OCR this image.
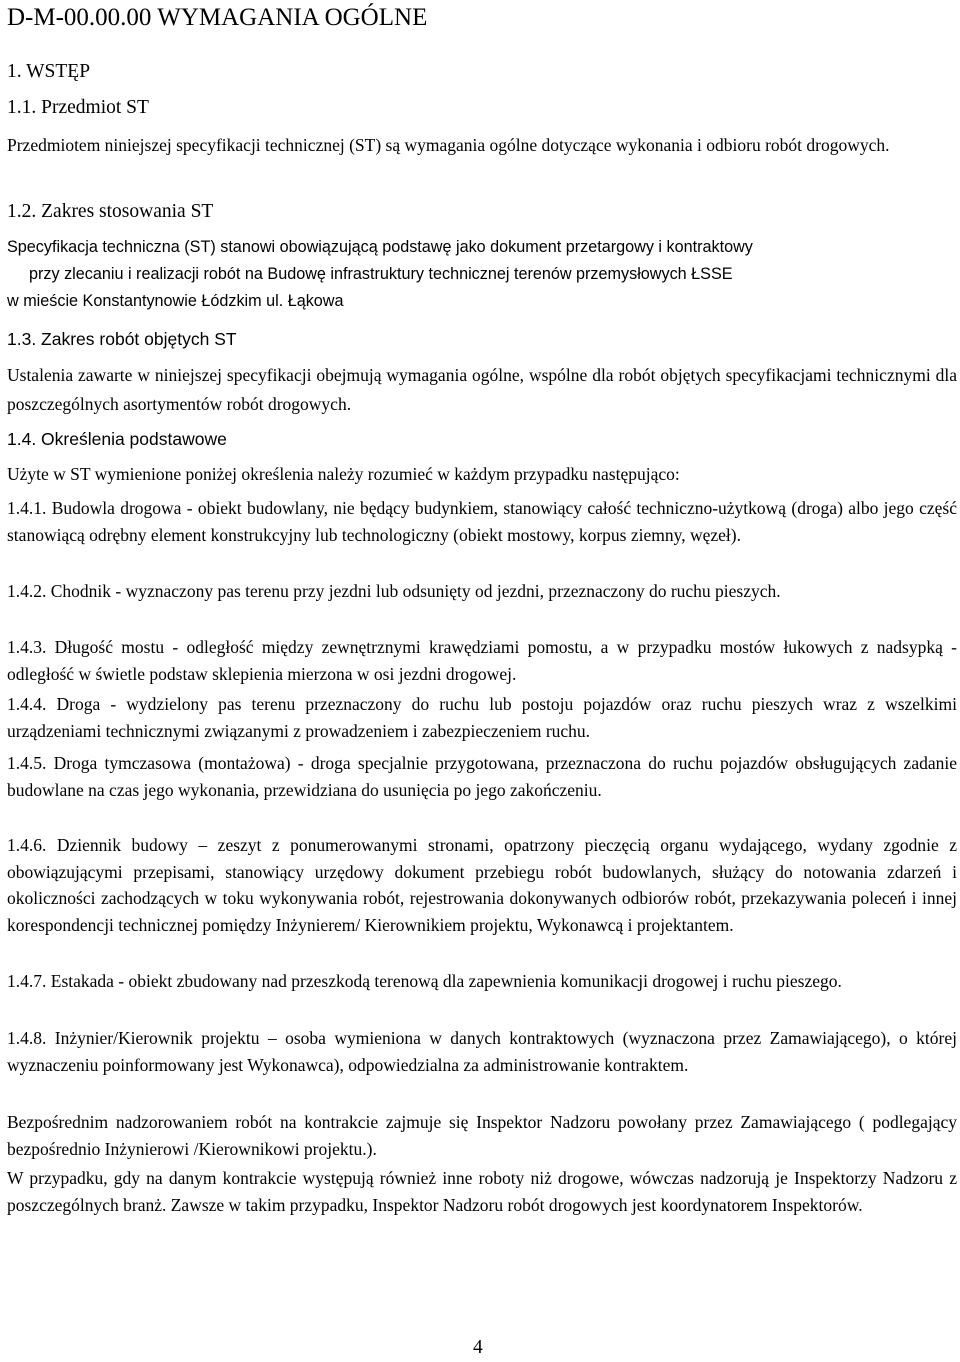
D-M-00.00.00 WYMAGANIA OGÓLNE
1. WSTĘP
1.1. Przedmiot ST

Przedmiotem niniejszej specyfikacji technicznej (ST) są wymagania ogólne dotyczące wykonania i odbioru robót drogowych.

1.2. Zakres stosowania ST
Specyfikacja techniczna (ST) stanowi obowiązującą podstawę jako dokument przetargowy i kontraktowy
przy zlecaniu i realizacji robót na Budowę infrastruktury technicznej terenów przemysłowych ŁSSE
w mieście Konstantynowie Łódzkim ul. Łąkowa
1.3. Zakres robót objętych ST

Ustalenia zawarte w niniejszej specyfikacji obejmują wymagania ogólne, wspólne dla robót objętych specyfikacjami technicznymi dla poszczególnych asortymentów robót drogowych.

1.4. Określenia podstawowe

Użyte w ST wymienione poniżej określenia należy rozumieć w każdym przypadku następująco:

1.4.1. Budowla drogowa - obiekt budowlany, nie będący budynkiem, stanowiący całość techniczno-użytkową (droga) albo jego część stanowiącą odrębny element konstrukcyjny lub technologiczny (obiekt mostowy, korpus ziemny, węzeł).

1.4.2. Chodnik - wyznaczony pas terenu przy jezdni lub odsunięty od jezdni, przeznaczony do ruchu pieszych.

1.4.3. Długość mostu - odległość między zewnętrznymi krawędziami pomostu, a w przypadku mostów łukowych z nadsypką - odległość w świetle podstaw sklepienia mierzona w osi jezdni drogowej.

1.4.4. Droga - wydzielony pas terenu przeznaczony do ruchu lub postoju pojazdów oraz ruchu pieszych wraz z wszelkimi urządzeniami technicznymi związanymi z prowadzeniem i zabezpieczeniem ruchu.

1.4.5. Droga tymczasowa (montażowa) - droga specjalnie przygotowana, przeznaczona do ruchu pojazdów obsługujących zadanie budowlane na czas jego wykonania, przewidziana do usunięcia po jego zakończeniu.

1.4.6. Dziennik budowy – zeszyt z ponumerowanymi stronami, opatrzony pieczęcią organu wydającego, wydany zgodnie z obowiązującymi przepisami, stanowiący urzędowy dokument przebiegu robót budowlanych, służący do notowania zdarzeń i okoliczności zachodzących w toku wykonywania robót, rejestrowania dokonywanych odbiorów robót, przekazywania poleceń i innej korespondencji technicznej pomiędzy Inżynierem/ Kierownikiem projektu, Wykonawcą i projektantem.

1.4.7. Estakada - obiekt zbudowany nad przeszkodą terenową dla zapewnienia komunikacji drogowej i ruchu pieszego.

1.4.8. Inżynier/Kierownik projektu – osoba wymieniona w danych kontraktowych (wyznaczona przez Zamawiającego), o której wyznaczeniu poinformowany jest Wykonawca), odpowiedzialna za administrowanie kontraktem.

Bezpośrednim nadzorowaniem robót na kontrakcie zajmuje się Inspektor Nadzoru powołany przez Zamawiającego ( podlegający bezpośrednio Inżynierowi /Kierownikowi projektu.).

W przypadku, gdy na danym kontrakcie występują również inne roboty niż drogowe, wówczas nadzorują je Inspektorzy Nadzoru z poszczególnych branż. Zawsze w takim przypadku, Inspektor Nadzoru robót drogowych jest koordynatorem Inspektorów.

4
